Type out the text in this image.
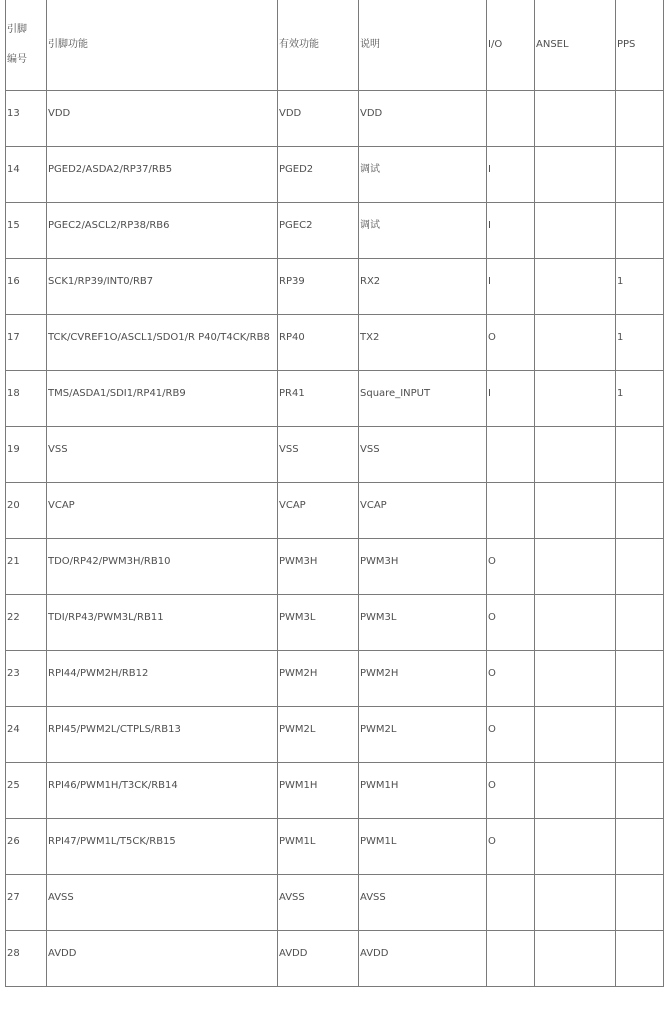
引脚
编号	引脚功能	有效功能	说明	I/O	ANSEL	PPS
13	VDD	VDD	VDD			
14	PGED2/ASDA2/RP37/RB5	PGED2	调试	I		
15	PGEC2/ASCL2/RP38/RB6	PGEC2	调试	I		
16	SCK1/RP39/INT0/RB7	RP39	RX2	I		1
17	TCK/CVREF1O/ASCL1/SDO1/R P40/T4CK/RB8	RP40	TX2	O		1
18	TMS/ASDA1/SDI1/RP41/RB9	PR41	Square_INPUT	I		1
19	VSS	VSS	VSS			
20	VCAP	VCAP	VCAP			
21	TDO/RP42/PWM3H/RB10	PWM3H	PWM3H	O		
22	TDI/RP43/PWM3L/RB11	PWM3L	PWM3L	O		
23	RPI44/PWM2H/RB12	PWM2H	PWM2H	O		
24	RPI45/PWM2L/CTPLS/RB13	PWM2L	PWM2L	O		
25	RPI46/PWM1H/T3CK/RB14	PWM1H	PWM1H	O		
26	RPI47/PWM1L/T5CK/RB15	PWM1L	PWM1L	O		
27	AVSS	AVSS	AVSS			
28	AVDD	AVDD	AVDD			
